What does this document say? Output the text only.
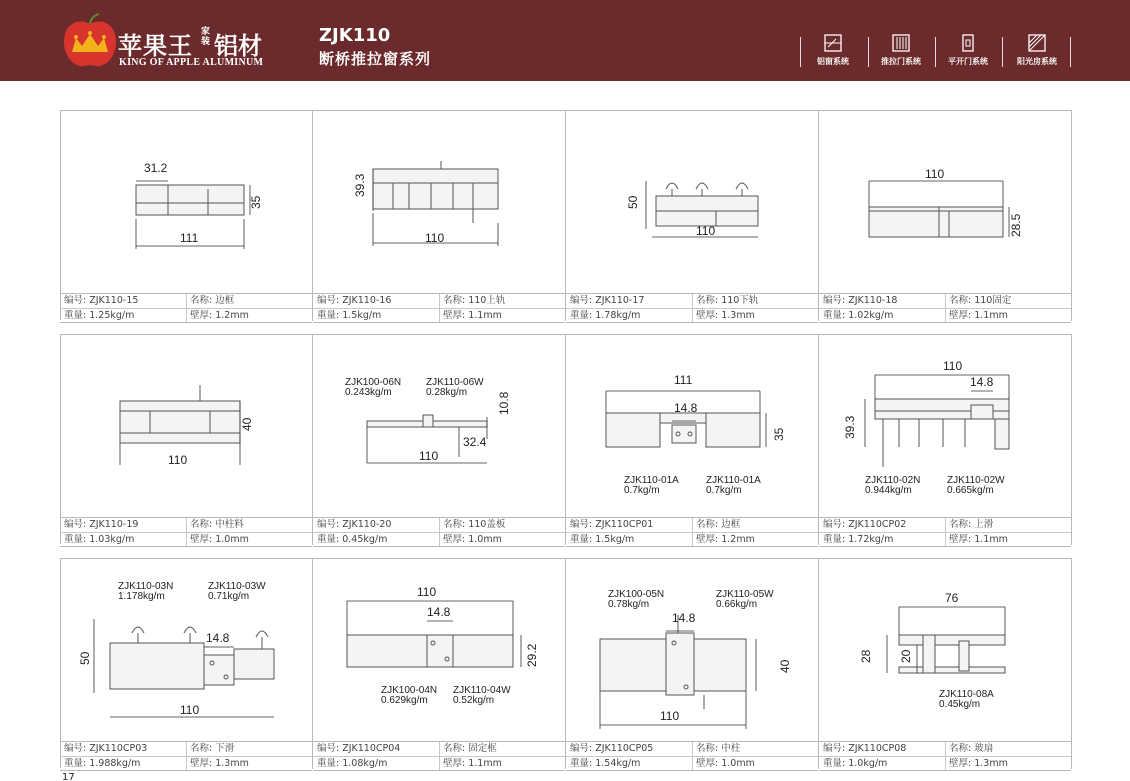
苹果王 家装 铝材
KING OF APPLE ALUMINUM
ZJK110
断桥推拉窗系列	铝窗系统	推拉门系统	平开门系统	阳光房系统
17
31.2
35
111
编号: ZJK110-15	名称: 边框
重量: 1.25kg/m	壁厚: 1.2mm
39.3
110
编号: ZJK110-16	名称: 110上轨
重量: 1.5kg/m	壁厚: 1.1mm
50
110
编号: ZJK110-17	名称: 110下轨
重量: 1.78kg/m	壁厚: 1.3mm
110
28.5
编号: ZJK110-18	名称: 110固定
重量: 1.02kg/m	壁厚: 1.1mm
40
110
编号: ZJK110-19	名称: 中柱料
重量: 1.03kg/m	壁厚: 1.0mm
ZJK100-06N
0.243kg/m
ZJK110-06W
0.28kg/m 10.8
110
32.4
编号: ZJK110-20	名称: 110盖板
重量: 0.45kg/m	壁厚: 1.0mm
111
14.8
35
ZJK110-01A
0.7kg/m
ZJK110-01A
0.7kg/m
编号: ZJK110CP01	名称: 边框
重量: 1.5kg/m	壁厚: 1.2mm
110
14.8
39.3
ZJK110-02N
0.944kg/m
ZJK110-02W
0.665kg/m
编号: ZJK110CP02	名称: 上滑
重量: 1.72kg/m	壁厚: 1.1mm
ZJK110-03N
1.178kg/m
ZJK110-03W
0.71kg/m
14.8
50
110
编号: ZJK110CP03	名称: 下滑
重量: 1.988kg/m	壁厚: 1.3mm
110
14.8
29.2
ZJK100-04N
0.629kg/m
ZJK110-04W
0.52kg/m
编号: ZJK110CP04	名称: 固定框
重量: 1.08kg/m	壁厚: 1.1mm
ZJK100-05N
0.78kg/m
ZJK110-05W
0.66kg/m
14.8
40
110
编号: ZJK110CP05	名称: 中柱
重量: 1.54kg/m	壁厚: 1.0mm
76
28 20
ZJK110-08A
0.45kg/m
编号: ZJK110CP08	名称: 玻扇
重量: 1.0kg/m	壁厚: 1.3mm
